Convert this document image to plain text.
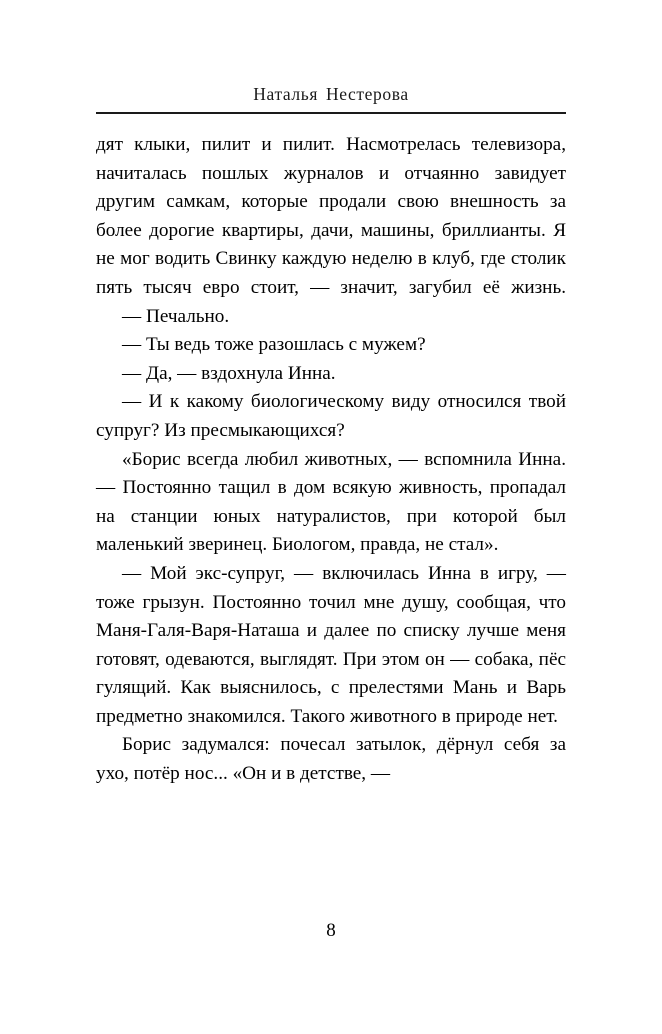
Наталья Нестерова

дят клыки, пилит и пилит. Насмотрелась телевизора, начиталась пошлых журналов и отчаянно завидует другим самкам, которые продали свою внешность за более дорогие квартиры, дачи, машины, бриллианты. Я не мог водить Свинку каждую неделю в клуб, где столик пять тысяч евро стоит, — значит, загубил её жизнь.

— Печально.

— Ты ведь тоже разошлась с мужем?

— Да, — вздохнула Инна.

— И к какому биологическому виду относился твой супруг? Из пресмыкающихся?

«Борис всегда любил животных, — вспомнила Инна. — Постоянно тащил в дом всякую живность, пропадал на станции юных натуралистов, при которой был маленький зверинец. Биологом, правда, не стал».

— Мой экс-супруг, — включилась Инна в игру, — тоже грызун. Постоянно точил мне душу, сообщая, что Маня-Галя-Варя-Наташа и далее по списку лучше меня готовят, одеваются, выглядят. При этом он — собака, пёс гулящий. Как выяснилось, с прелестями Мань и Варь предметно знакомился. Такого животного в природе нет.

Борис задумался: почесал затылок, дёрнул себя за ухо, потёр нос... «Он и в детстве, —

8
